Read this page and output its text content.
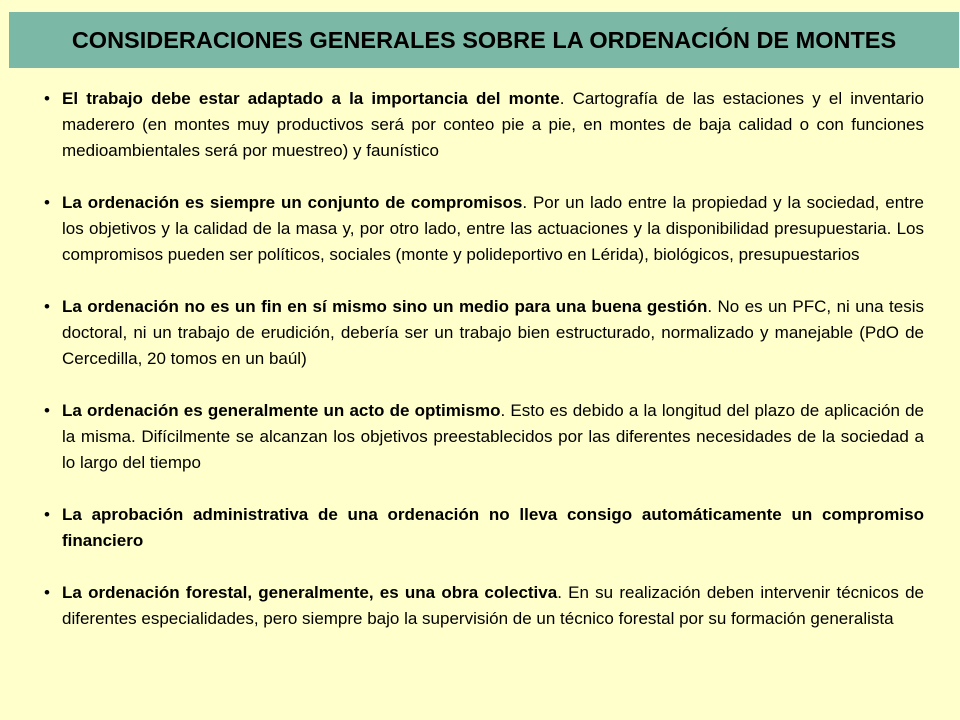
CONSIDERACIONES GENERALES SOBRE LA ORDENACIÓN DE MONTES
• El trabajo debe estar adaptado a la importancia del monte. Cartografía de las estaciones y el inventario maderero (en montes muy productivos será por conteo pie a pie, en montes de baja calidad o con funciones medioambientales será por muestreo) y faunístico
• La ordenación es siempre un conjunto de compromisos. Por un lado entre la propiedad y la sociedad, entre los objetivos y la calidad de la masa y, por otro lado, entre las actuaciones y la disponibilidad presupuestaria. Los compromisos pueden ser políticos, sociales (monte y polideportivo en Lérida), biológicos, presupuestarios
• La ordenación no es un fin en sí mismo sino un medio para una buena gestión. No es un PFC, ni una tesis doctoral, ni un trabajo de erudición, debería ser un trabajo bien estructurado, normalizado y manejable (PdO de Cercedilla, 20 tomos en un baúl)
• La ordenación es generalmente un acto de optimismo. Esto es debido a la longitud del plazo de aplicación de la misma. Difícilmente se alcanzan los objetivos preestablecidos por las diferentes necesidades de la sociedad a lo largo del tiempo
• La aprobación administrativa de una ordenación no lleva consigo automáticamente un compromiso financiero
• La ordenación forestal, generalmente, es una obra colectiva. En su realización deben intervenir técnicos de diferentes especialidades, pero siempre bajo la supervisión de un técnico forestal por su formación generalista
